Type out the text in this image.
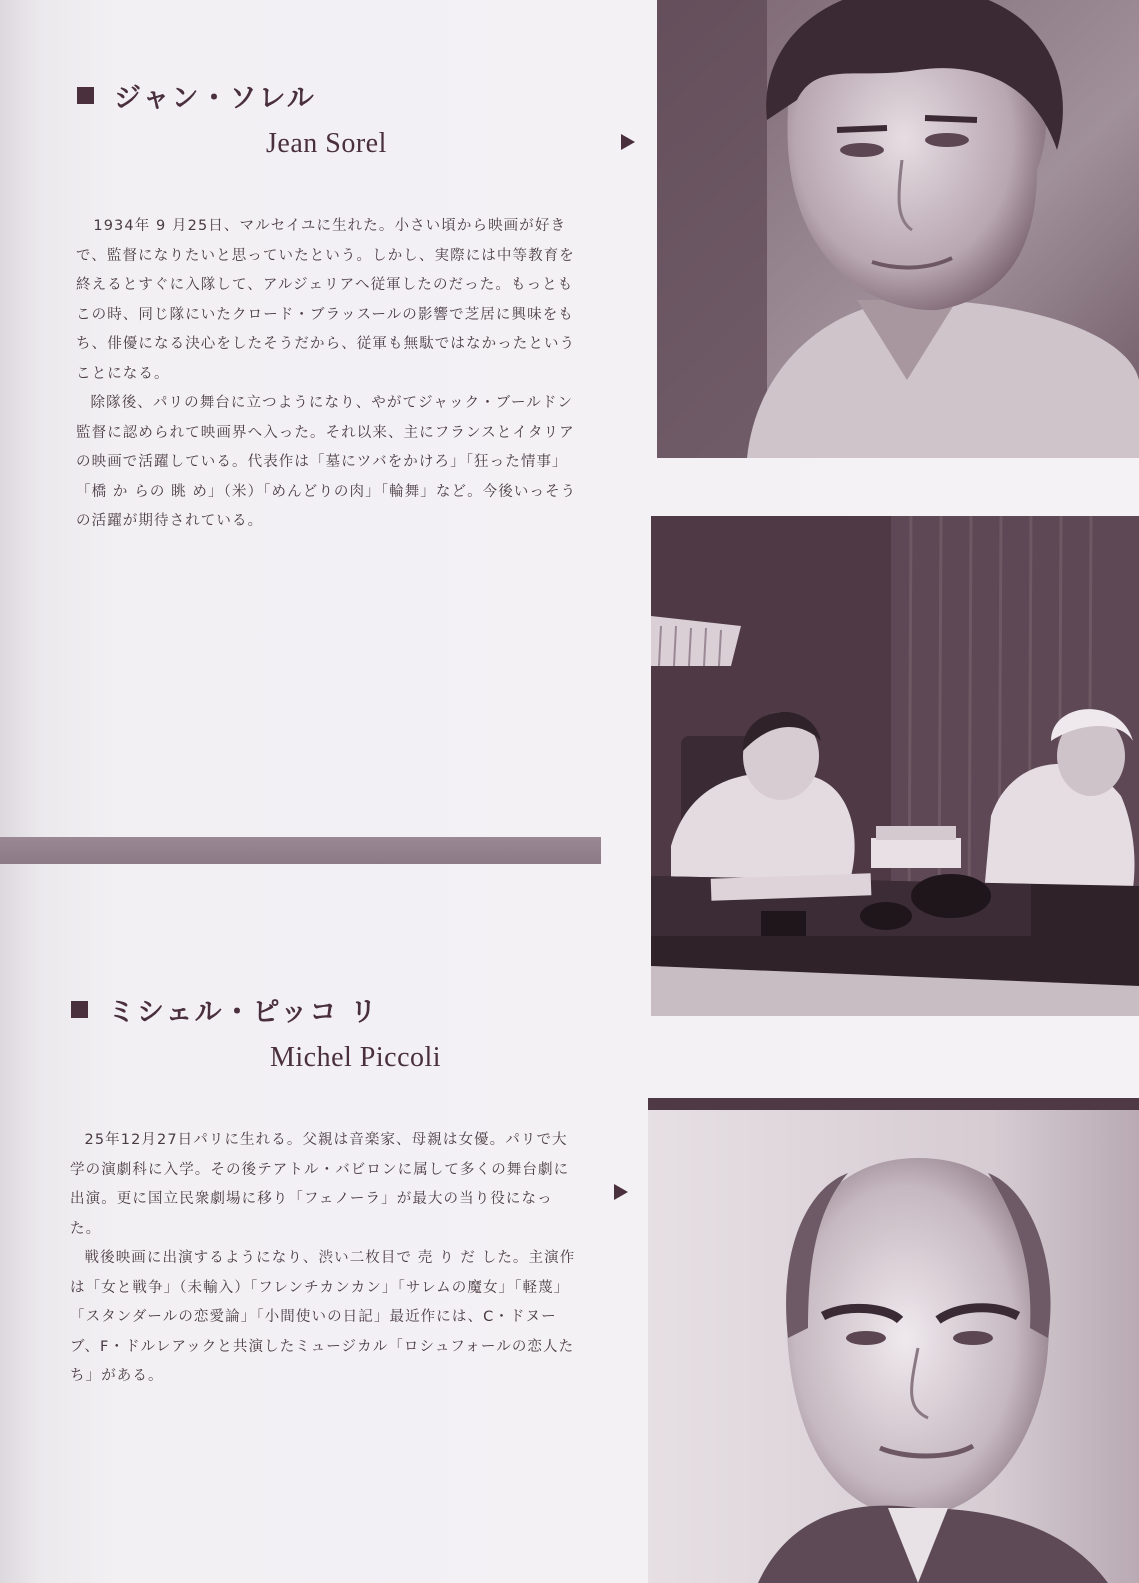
ジャン・ソレル
Jean Sorel

1934年 9 月25日、マルセイユに生れた。小さい頃から映画が好きで、監督になりたいと思っていたという。しかし、実際には中等教育を終えるとすぐに入隊して、アルジェリアへ従軍したのだった。もっともこの時、同じ隊にいたクロード・ブラッスールの影響で芝居に興味をもち、俳優になる決心をしたそうだから、従軍も無駄ではなかったということになる。

除隊後、パリの舞台に立つようになり、やがてジャック・ブールドン監督に認められて映画界へ入った。それ以来、主にフランスとイタリアの映画で活躍している。代表作は「墓にツバをかけろ」「狂った情事」「橋 か らの 眺 め」（米）「めんどりの肉」「輪舞」など。今後いっそうの活躍が期待されている。

ミシェル・ピッコ リ
Michel Piccoli

25年12月27日パリに生れる。父親は音楽家、母親は女優。パリで大学の演劇科に入学。その後テアトル・バビロンに属して多くの舞台劇に出演。更に国立民衆劇場に移り「フェノーラ」が最大の当り役になった。

戦後映画に出演するようになり、渋い二枚目で 売 り だ した。主演作は「女と戦争」（未輸入）「フレンチカンカン」「サレムの魔女」「軽蔑」「スタンダールの恋愛論」「小間使いの日記」最近作には、C・ドヌーブ、F・ドルレアックと共演したミュージカル「ロシュフォールの恋人たち」がある。
